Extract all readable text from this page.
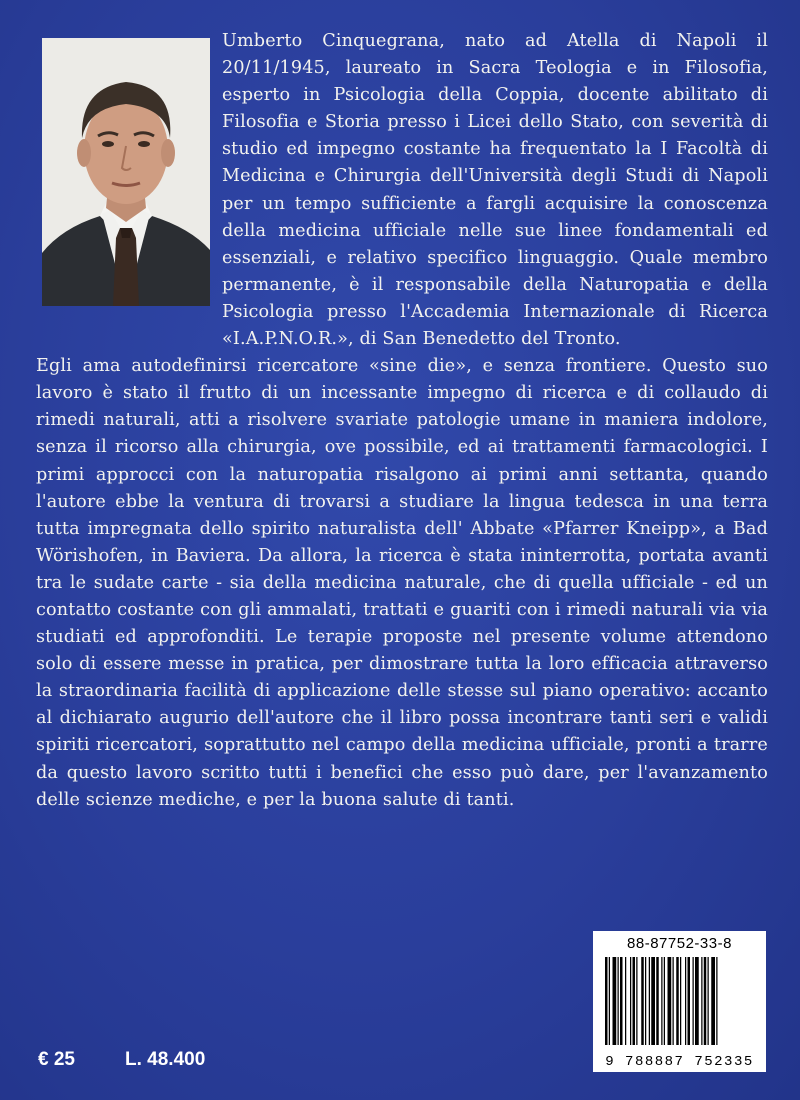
Umberto Cinquegrana, nato ad Atella di Napoli il 20/11/1945, laureato in Sacra Teologia e in Filosofia, esperto in Psicologia della Coppia, docente abilitato di Filosofia e Storia presso i Licei dello Stato, con severità di studio ed impegno costante ha frequentato la I Facoltà di Medicina e Chirurgia dell'Università degli Studi di Napoli per un tempo sufficiente a fargli acquisire la conoscenza della medicina ufficiale nelle sue linee fondamentali ed essenziali, e relativo specifico linguaggio. Quale membro permanente, è il responsabile della Naturopatia e della Psicologia presso l'Accademia Internazionale di Ricerca «I.A.P.N.O.R.», di San Benedetto del Tronto.

Egli ama autodefinirsi ricercatore «sine die», e senza frontiere. Questo suo lavoro è stato il frutto di un incessante impegno di ricerca e di collaudo di rimedi naturali, atti a risolvere svariate patologie umane in maniera indolore, senza il ricorso alla chirurgia, ove possibile, ed ai trattamenti farmacologici. I primi approcci con la naturopatia risalgono ai primi anni settanta, quando l'autore ebbe la ventura di trovarsi a studiare la lingua tedesca in una terra tutta impregnata dello spirito naturalista dell' Abbate «Pfarrer Kneipp», a Bad Wörishofen, in Baviera. Da allora, la ricerca è stata ininterrotta, portata avanti tra le sudate carte - sia della medicina naturale, che di quella ufficiale - ed un contatto costante con gli ammalati, trattati e guariti con i rimedi naturali via via studiati ed approfonditi. Le terapie proposte nel presente volume attendono solo di essere messe in pratica, per dimostrare tutta la loro efficacia attraverso la straordinaria facilità di applicazione delle stesse sul piano operativo: accanto al dichiarato augurio dell'autore che il libro possa incontrare tanti seri e validi spiriti ricercatori, soprattutto nel campo della medicina ufficiale, pronti a trarre da questo lavoro scritto tutti i benefici che esso può dare, per l'avanzamento delle scienze mediche, e per la buona salute di tanti.

88-87752-33-8
9 788887 752335
€ 25	L. 48.400
